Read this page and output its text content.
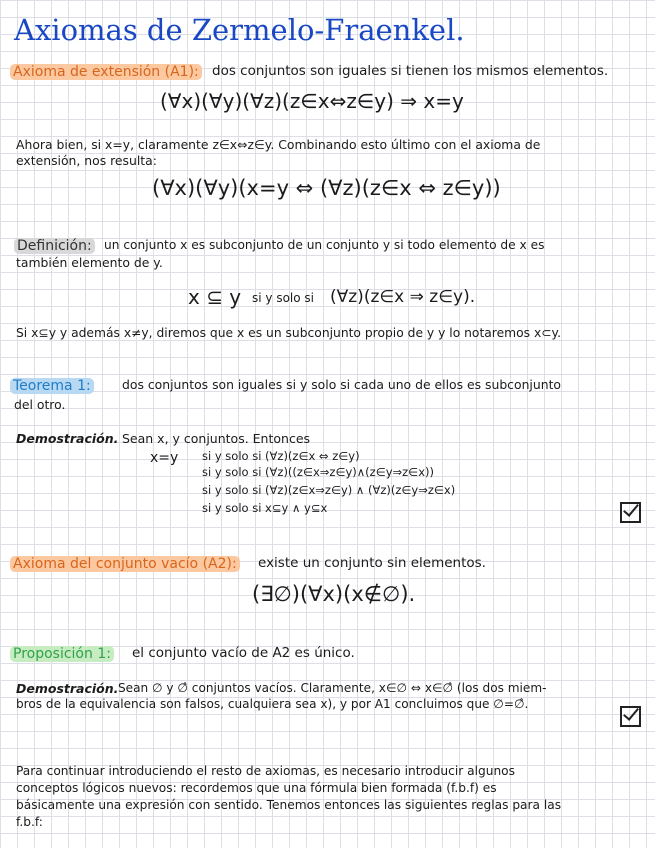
Axiomas de Zermelo-Fraenkel.
Axioma de extensión (A1): dos conjuntos son iguales si tienen los mismos elementos.
(∀x)(∀y)(∀z)(z∈x⇔z∈y) ⇒ x=y
Ahora bien, si x=y, claramente z∈x⇔z∈y. Combinando esto último con el axioma de
extensión, nos resulta:
(∀x)(∀y)(x=y ⇔ (∀z)(z∈x ⇔ z∈y))
Definición: un conjunto x es subconjunto de un conjunto y si todo elemento de x es
también elemento de y.
x ⊆ y si y solo si (∀z)(z∈x ⇒ z∈y).
Si x⊆y y además x≠y, diremos que x es un subconjunto propio de y y lo notaremos x⊂y.
Teorema 1:	dos conjuntos son iguales si y solo si cada uno de ellos es subconjunto
del otro.
Demostración. Sean x, y conjuntos. Entonces
x=y si y solo si (∀z)(z∈x ⇔ z∈y)
si y solo si (∀z)((z∈x⇒z∈y)∧(z∈y⇒z∈x))
si y solo si (∀z)(z∈x⇒z∈y) ∧ (∀z)(z∈y⇒z∈x)
si y solo si x⊆y ∧ y⊆x
Axioma del conjunto vacío (A2): existe un conjunto sin elementos.
(∃∅)(∀x)(x∉∅).
Proposición 1: el conjunto vacío de A2 es único.
Demostración. Sean ∅ y ∅̂ conjuntos vacíos. Claramente, x∈∅ ⇔ x∈∅̂ (los dos miem-
bros de la equivalencia son falsos, cualquiera sea x), y por A1 concluimos que ∅=∅̂.
Para continuar introduciendo el resto de axiomas, es necesario introducir algunos
conceptos lógicos nuevos: recordemos que una fórmula bien formada (f.b.f) es
básicamente una expresión con sentido. Tenemos entonces las siguientes reglas para las
f.b.f:
